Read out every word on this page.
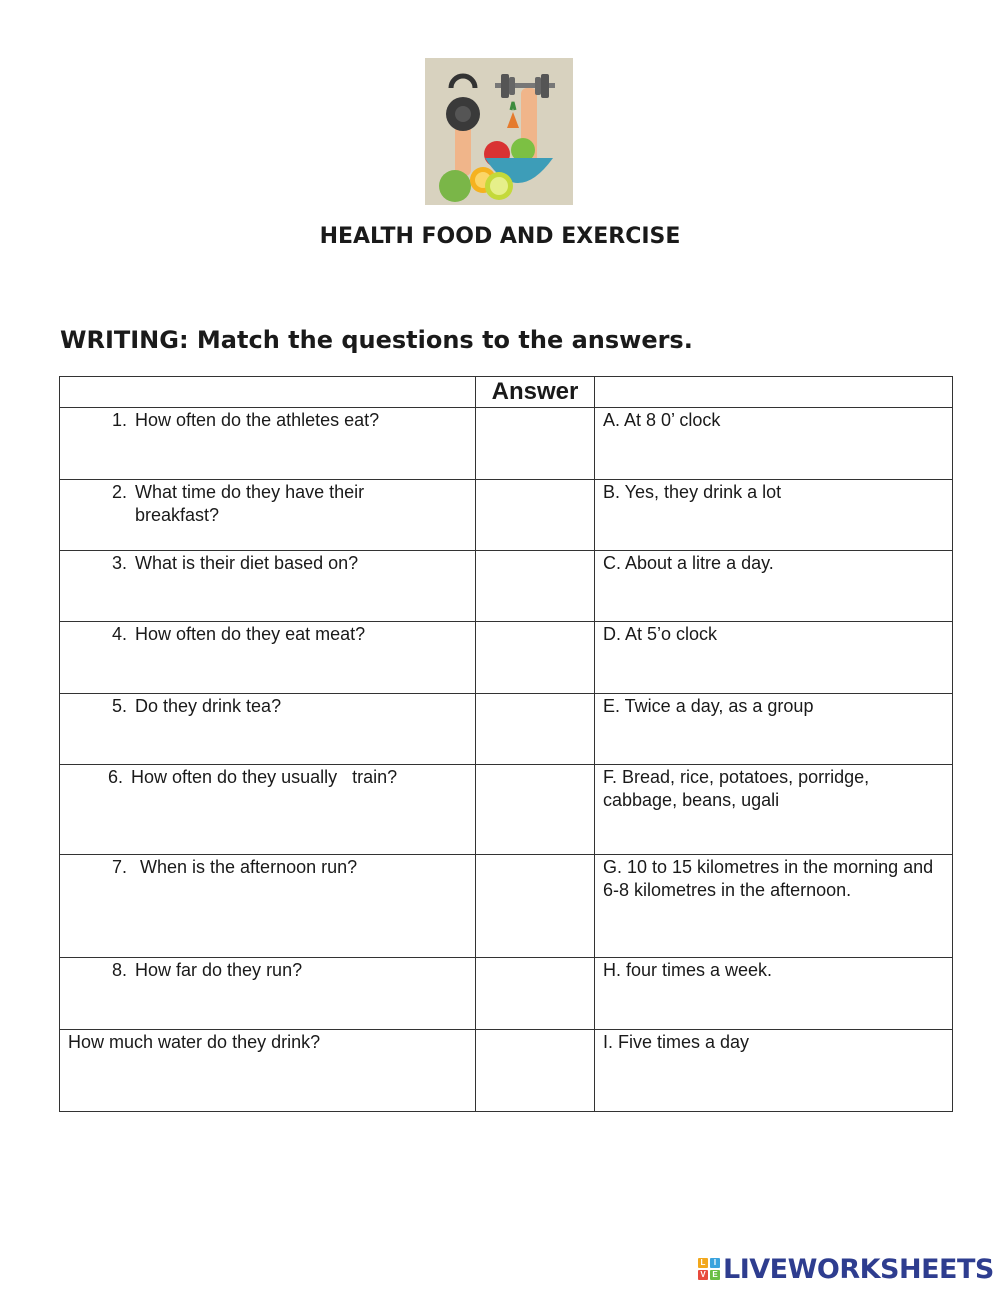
HEALTH FOOD AND EXERCISE
WRITING: Match the questions to the answers.
	Answer	

1. How often do the athletes eat?		A. At 8 0’ clock

2. What time do they have their breakfast?		B. Yes, they drink a lot

3. What is their diet based on?		C. About a litre a day.

4. How often do they eat meat?		D. At 5’o clock

5. Do they drink tea?		E. Twice a day, as a group

6. How often do they usually   train?		F. Bread, rice, potatoes, porridge, cabbage, beans, ugali

7. When is the afternoon run?		G. 10 to 15 kilometres in the morning and 6-8 kilometres in the afternoon.

8. How far do they run?		H. four times a week.

How much water do they drink?		I. Five times a day
L	I
V E LIVEWORKSHEETS
